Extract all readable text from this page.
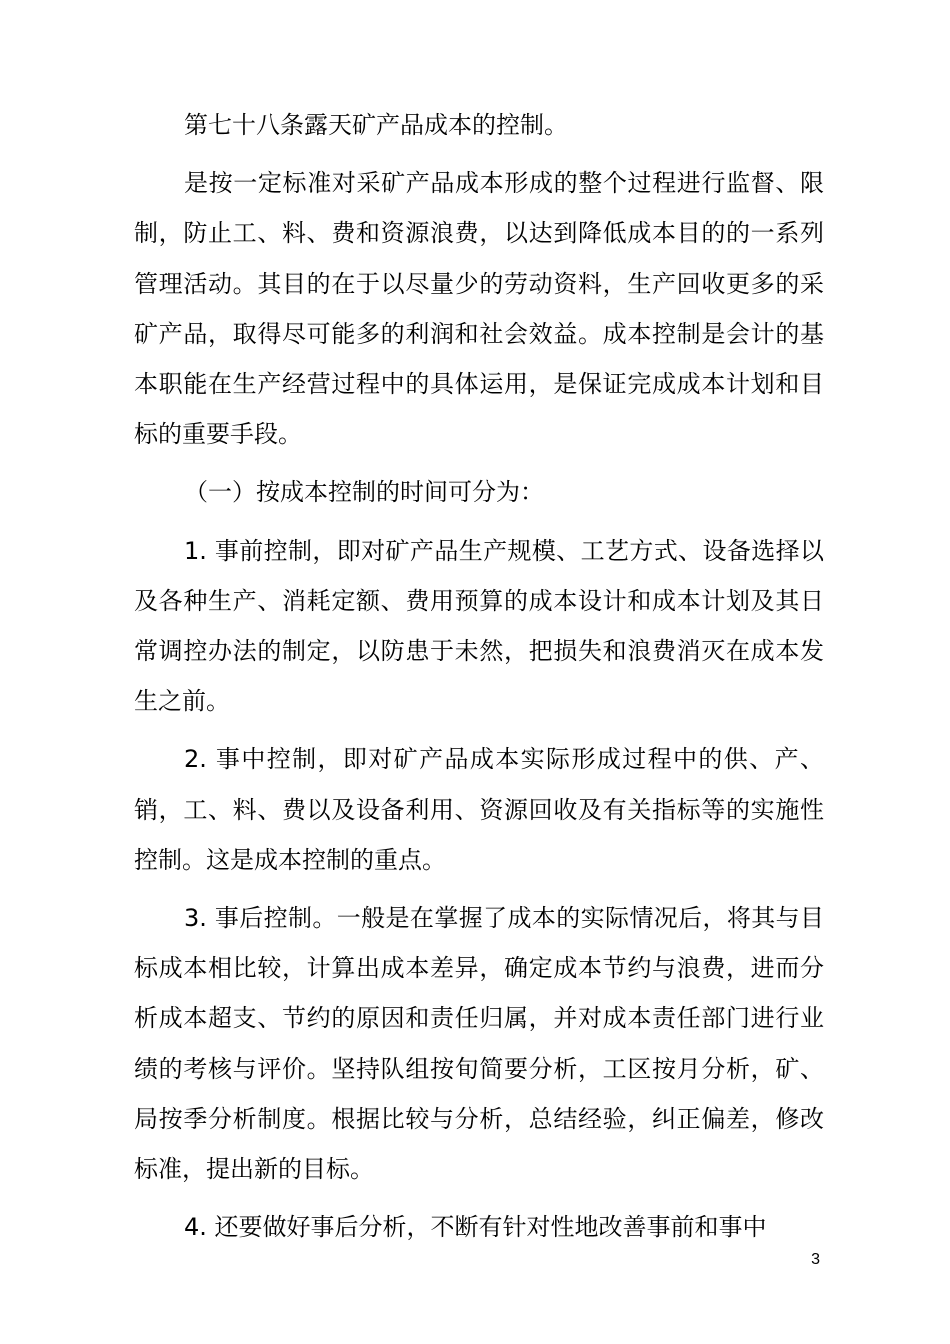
第七十八条露天矿产品成本的控制。

是按一定标准对采矿产品成本形成的整个过程进行监督、限制，防止工、料、费和资源浪费，以达到降低成本目的的一系列管理活动。其目的在于以尽量少的劳动资料，生产回收更多的采矿产品，取得尽可能多的利润和社会效益。成本控制是会计的基本职能在生产经营过程中的具体运用，是保证完成成本计划和目标的重要手段。

（一）按成本控制的时间可分为：

1. 事前控制，即对矿产品生产规模、工艺方式、设备选择以及各种生产、消耗定额、费用预算的成本设计和成本计划及其日常调控办法的制定，以防患于未然，把损失和浪费消灭在成本发生之前。

2. 事中控制，即对矿产品成本实际形成过程中的供、产、销，工、料、费以及设备利用、资源回收及有关指标等的实施性控制。这是成本控制的重点。

3. 事后控制。一般是在掌握了成本的实际情况后，将其与目标成本相比较，计算出成本差异，确定成本节约与浪费，进而分析成本超支、节约的原因和责任归属，并对成本责任部门进行业绩的考核与评价。坚持队组按旬简要分析，工区按月分析，矿、局按季分析制度。根据比较与分析，总结经验，纠正偏差，修改标准，提出新的目标。

4. 还要做好事后分析，不断有针对性地改善事前和事中

3
